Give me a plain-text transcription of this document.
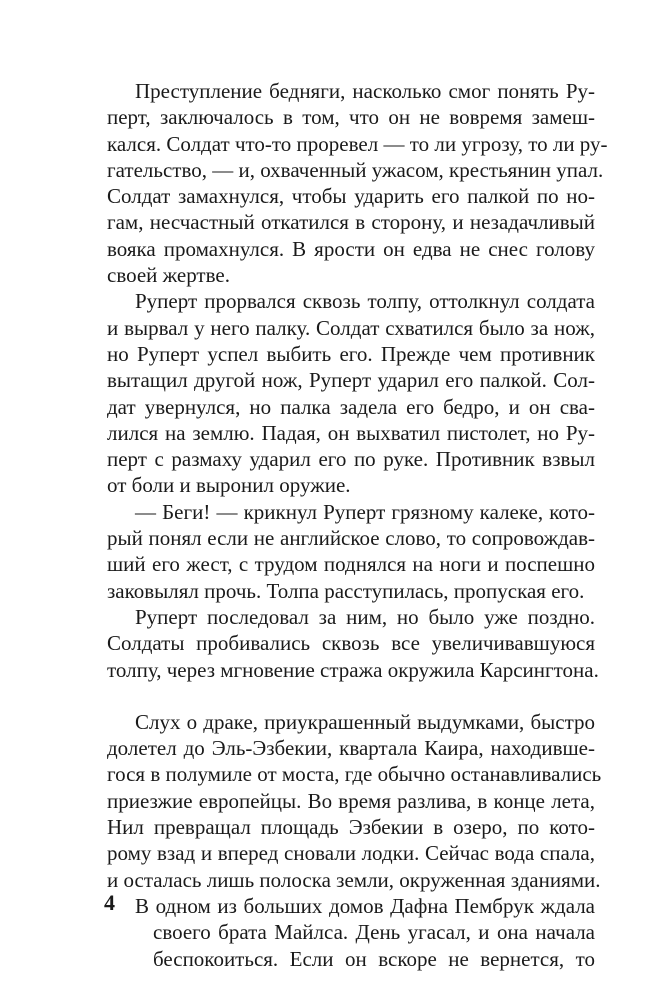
Преступление бедняги, насколько смог понять Ру-
перт, заключалось в том, что он не вовремя замеш-
кался. Солдат что-то проревел — то ли угрозу, то ли ру-
гательство, — и, охваченный ужасом, крестьянин упал.
Солдат замахнулся, чтобы ударить его палкой по но-
гам, несчастный откатился в сторону, и незадачливый
вояка промахнулся. В ярости он едва не снес голову
своей жертве.
Руперт прорвался сквозь толпу, оттолкнул солдата
и вырвал у него палку. Солдат схватился было за нож,
но Руперт успел выбить его. Прежде чем противник
вытащил другой нож, Руперт ударил его палкой. Сол-
дат увернулся, но палка задела его бедро, и он сва-
лился на землю. Падая, он выхватил пистолет, но Ру-
перт с размаху ударил его по руке. Противник взвыл
от боли и выронил оружие.
— Беги! — крикнул Руперт грязному калеке, кото-
рый понял если не английское слово, то сопровождав-
ший его жест, с трудом поднялся на ноги и поспешно
заковылял прочь. Толпа расступилась, пропуская его.
Руперт последовал за ним, но было уже поздно.
Солдаты пробивались сквозь все увеличивавшуюся
толпу, через мгновение стража окружила Карсингтона.
Слух о драке, приукрашенный выдумками, быстро
долетел до Эль-Эзбекии, квартала Каира, находивше-
гося в полумиле от моста, где обычно останавливались
приезжие европейцы. Во время разлива, в конце лета,
Нил превращал площадь Эзбекии в озеро, по кото-
рому взад и вперед сновали лодки. Сейчас вода спала,
и осталась лишь полоска земли, окруженная зданиями.
В одном из больших домов Дафна Пембрук ждала
своего брата Майлса. День угасал, и она начала
беспокоиться. Если он вскоре не вернется, то
4
